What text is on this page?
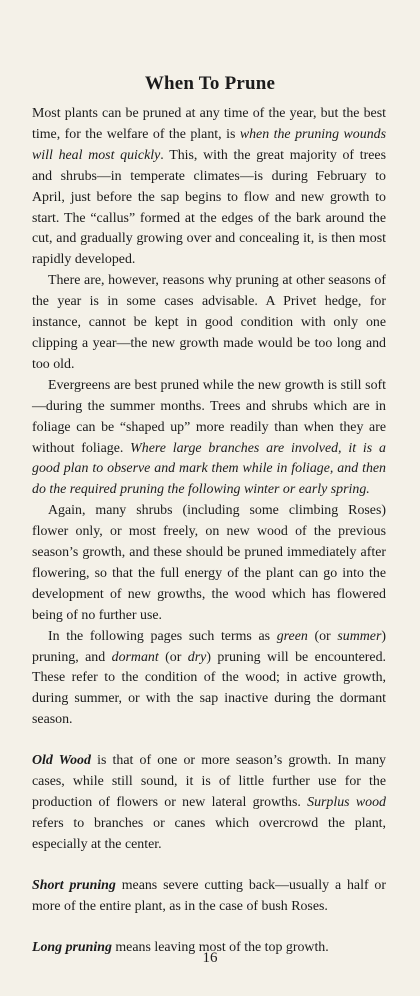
When To Prune

Most plants can be pruned at any time of the year, but the best time, for the welfare of the plant, is when the pruning wounds will heal most quickly. This, with the great majority of trees and shrubs—in temperate climates—is during February to April, just before the sap begins to flow and new growth to start. The “callus” formed at the edges of the bark around the cut, and gradually growing over and concealing it, is then most rapidly developed.

There are, however, reasons why pruning at other seasons of the year is in some cases advisable. A Privet hedge, for instance, cannot be kept in good condition with only one clipping a year—the new growth made would be too long and too old.

Evergreens are best pruned while the new growth is still soft—during the summer months. Trees and shrubs which are in foliage can be “shaped up” more readily than when they are without foliage. Where large branches are involved, it is a good plan to observe and mark them while in foliage, and then do the required pruning the following winter or early spring.

Again, many shrubs (including some climbing Roses) flower only, or most freely, on new wood of the previous season’s growth, and these should be pruned immediately after flowering, so that the full energy of the plant can go into the development of new growths, the wood which has flowered being of no further use.

In the following pages such terms as green (or summer) pruning, and dormant (or dry) pruning will be encountered. These refer to the condition of the wood; in active growth, during summer, or with the sap inactive during the dormant season.

Old Wood is that of one or more season’s growth. In many cases, while still sound, it is of little further use for the production of flowers or new lateral growths. Surplus wood refers to branches or canes which overcrowd the plant, especially at the center.

Short pruning means severe cutting back—usually a half or more of the entire plant, as in the case of bush Roses.

Long pruning means leaving most of the top growth.

16
